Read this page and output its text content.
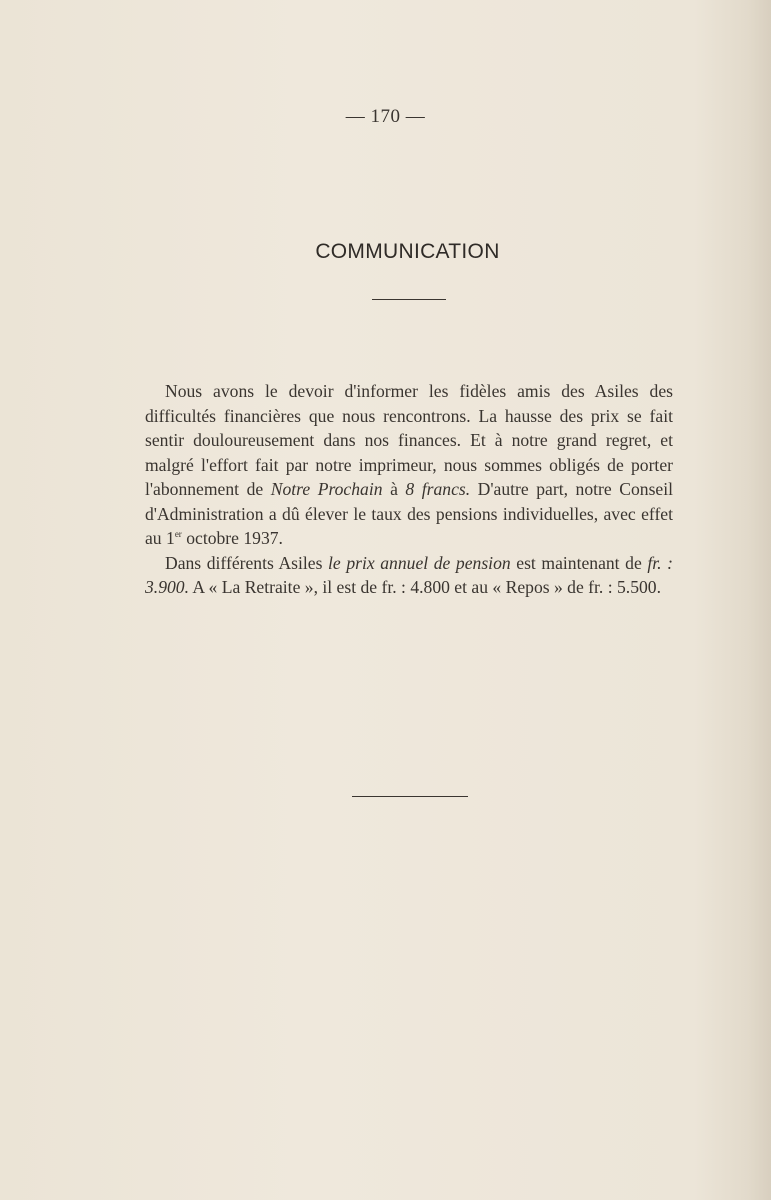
— 170 —
COMMUNICATION

Nous avons le devoir d'informer les fidèles amis des Asiles des difficultés financières que nous rencontrons. La hausse des prix se fait sentir douloureusement dans nos finances. Et à notre grand regret, et malgré l'effort fait par notre imprimeur, nous sommes obligés de porter l'abonnement de Notre Prochain à 8 francs. D'autre part, notre Conseil d'Administration a dû élever le taux des pensions individuelles, avec effet au 1er octobre 1937.

Dans différents Asiles le prix annuel de pension est maintenant de fr. : 3.900. A « La Retraite », il est de fr. : 4.800 et au « Repos » de fr. : 5.500.
